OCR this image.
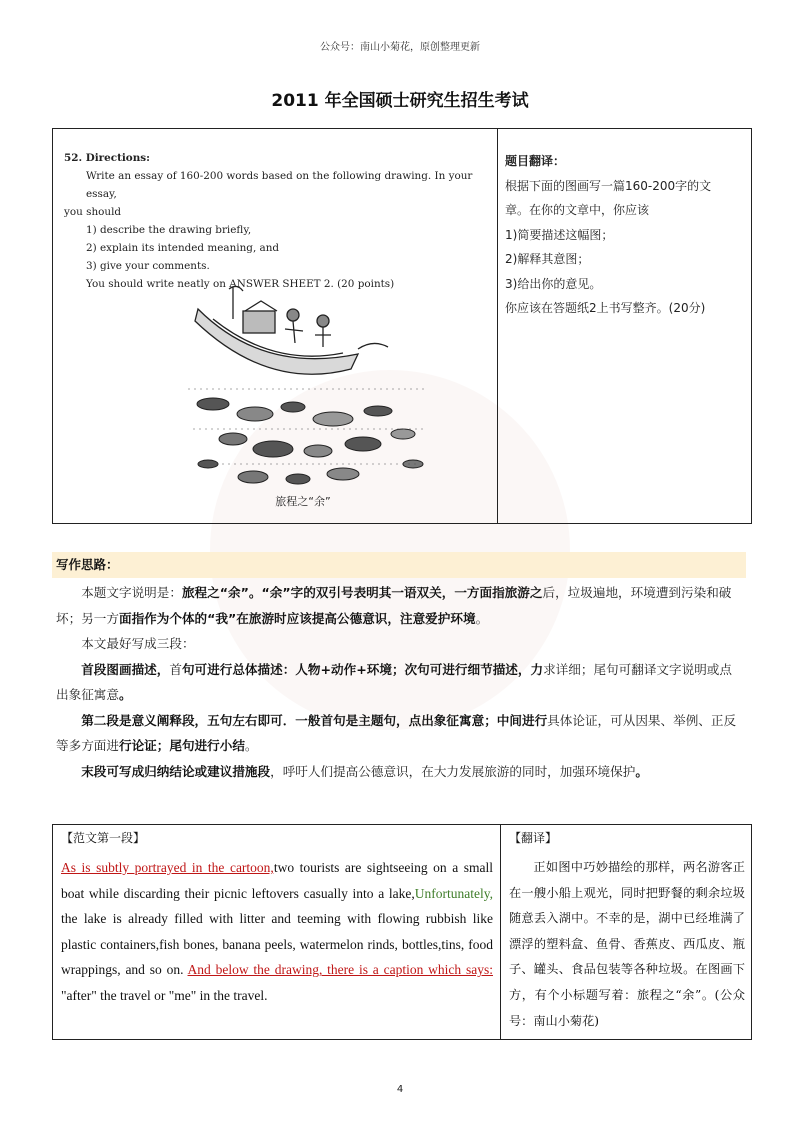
公众号：南山小菊花，原创整理更新
2011 年全国硕士研究生招生考试
52. Directions:
Write an essay of 160-200 words based on the following drawing. In your essay,
you should
1) describe the drawing briefly,
2) explain its intended meaning, and
3) give your comments.
You should write neatly on ANSWER SHEET 2. (20 points)
旅程之“余”
题目翻译：
根据下面的图画写一篇160-200字的文
章。在你的文章中，你应该
1)简要描述这幅图；
2)解释其意图；
3)给出你的意见。
你应该在答题纸2上书写整齐。(20分)
写作思路：

本题文字说明是：旅程之“余”。“余”字的双引号表明其一语双关，一方面指旅游之后，垃圾遍地，环境遭到污染和破坏；另一方面指作为个体的“我”在旅游时应该提高公德意识，注意爱护环境。

本文最好写成三段：

首段图画描述，首句可进行总体描述：人物+动作+环境；次句可进行细节描述，力求详细；尾句可翻译文字说明或点出象征寓意。

第二段是意义阐释段，五句左右即可．一般首句是主题句，点出象征寓意；中间进行具体论证，可从因果、举例、正反等多方面进行论证；尾句进行小结。

末段可写成归纳结论或建议措施段，呼吁人们提高公德意识，在大力发展旅游的同时，加强环境保护。

【范文第一段】
As is subtly portrayed in the cartoon,two tourists are sightseeing on a small boat while discarding their picnic leftovers casually into a lake,Unfortunately, the lake is already filled with litter and teeming with flowing rubbish like plastic containers,fish bones, banana peels, watermelon rinds, bottles,tins, food wrappings, and so on. And below the drawing, there is a caption which says: "after" the travel or "me" in the travel.
【翻译】
正如图中巧妙描绘的那样，两名游客正在一艘小船上观光，同时把野餐的剩余垃圾随意丢入湖中。不幸的是，湖中已经堆满了漂浮的塑料盒、鱼骨、香蕉皮、西瓜皮、瓶子、罐头、食品包装等各种垃圾。在图画下方，有个小标题写着：旅程之“余”。(公众号：南山小菊花)
4
